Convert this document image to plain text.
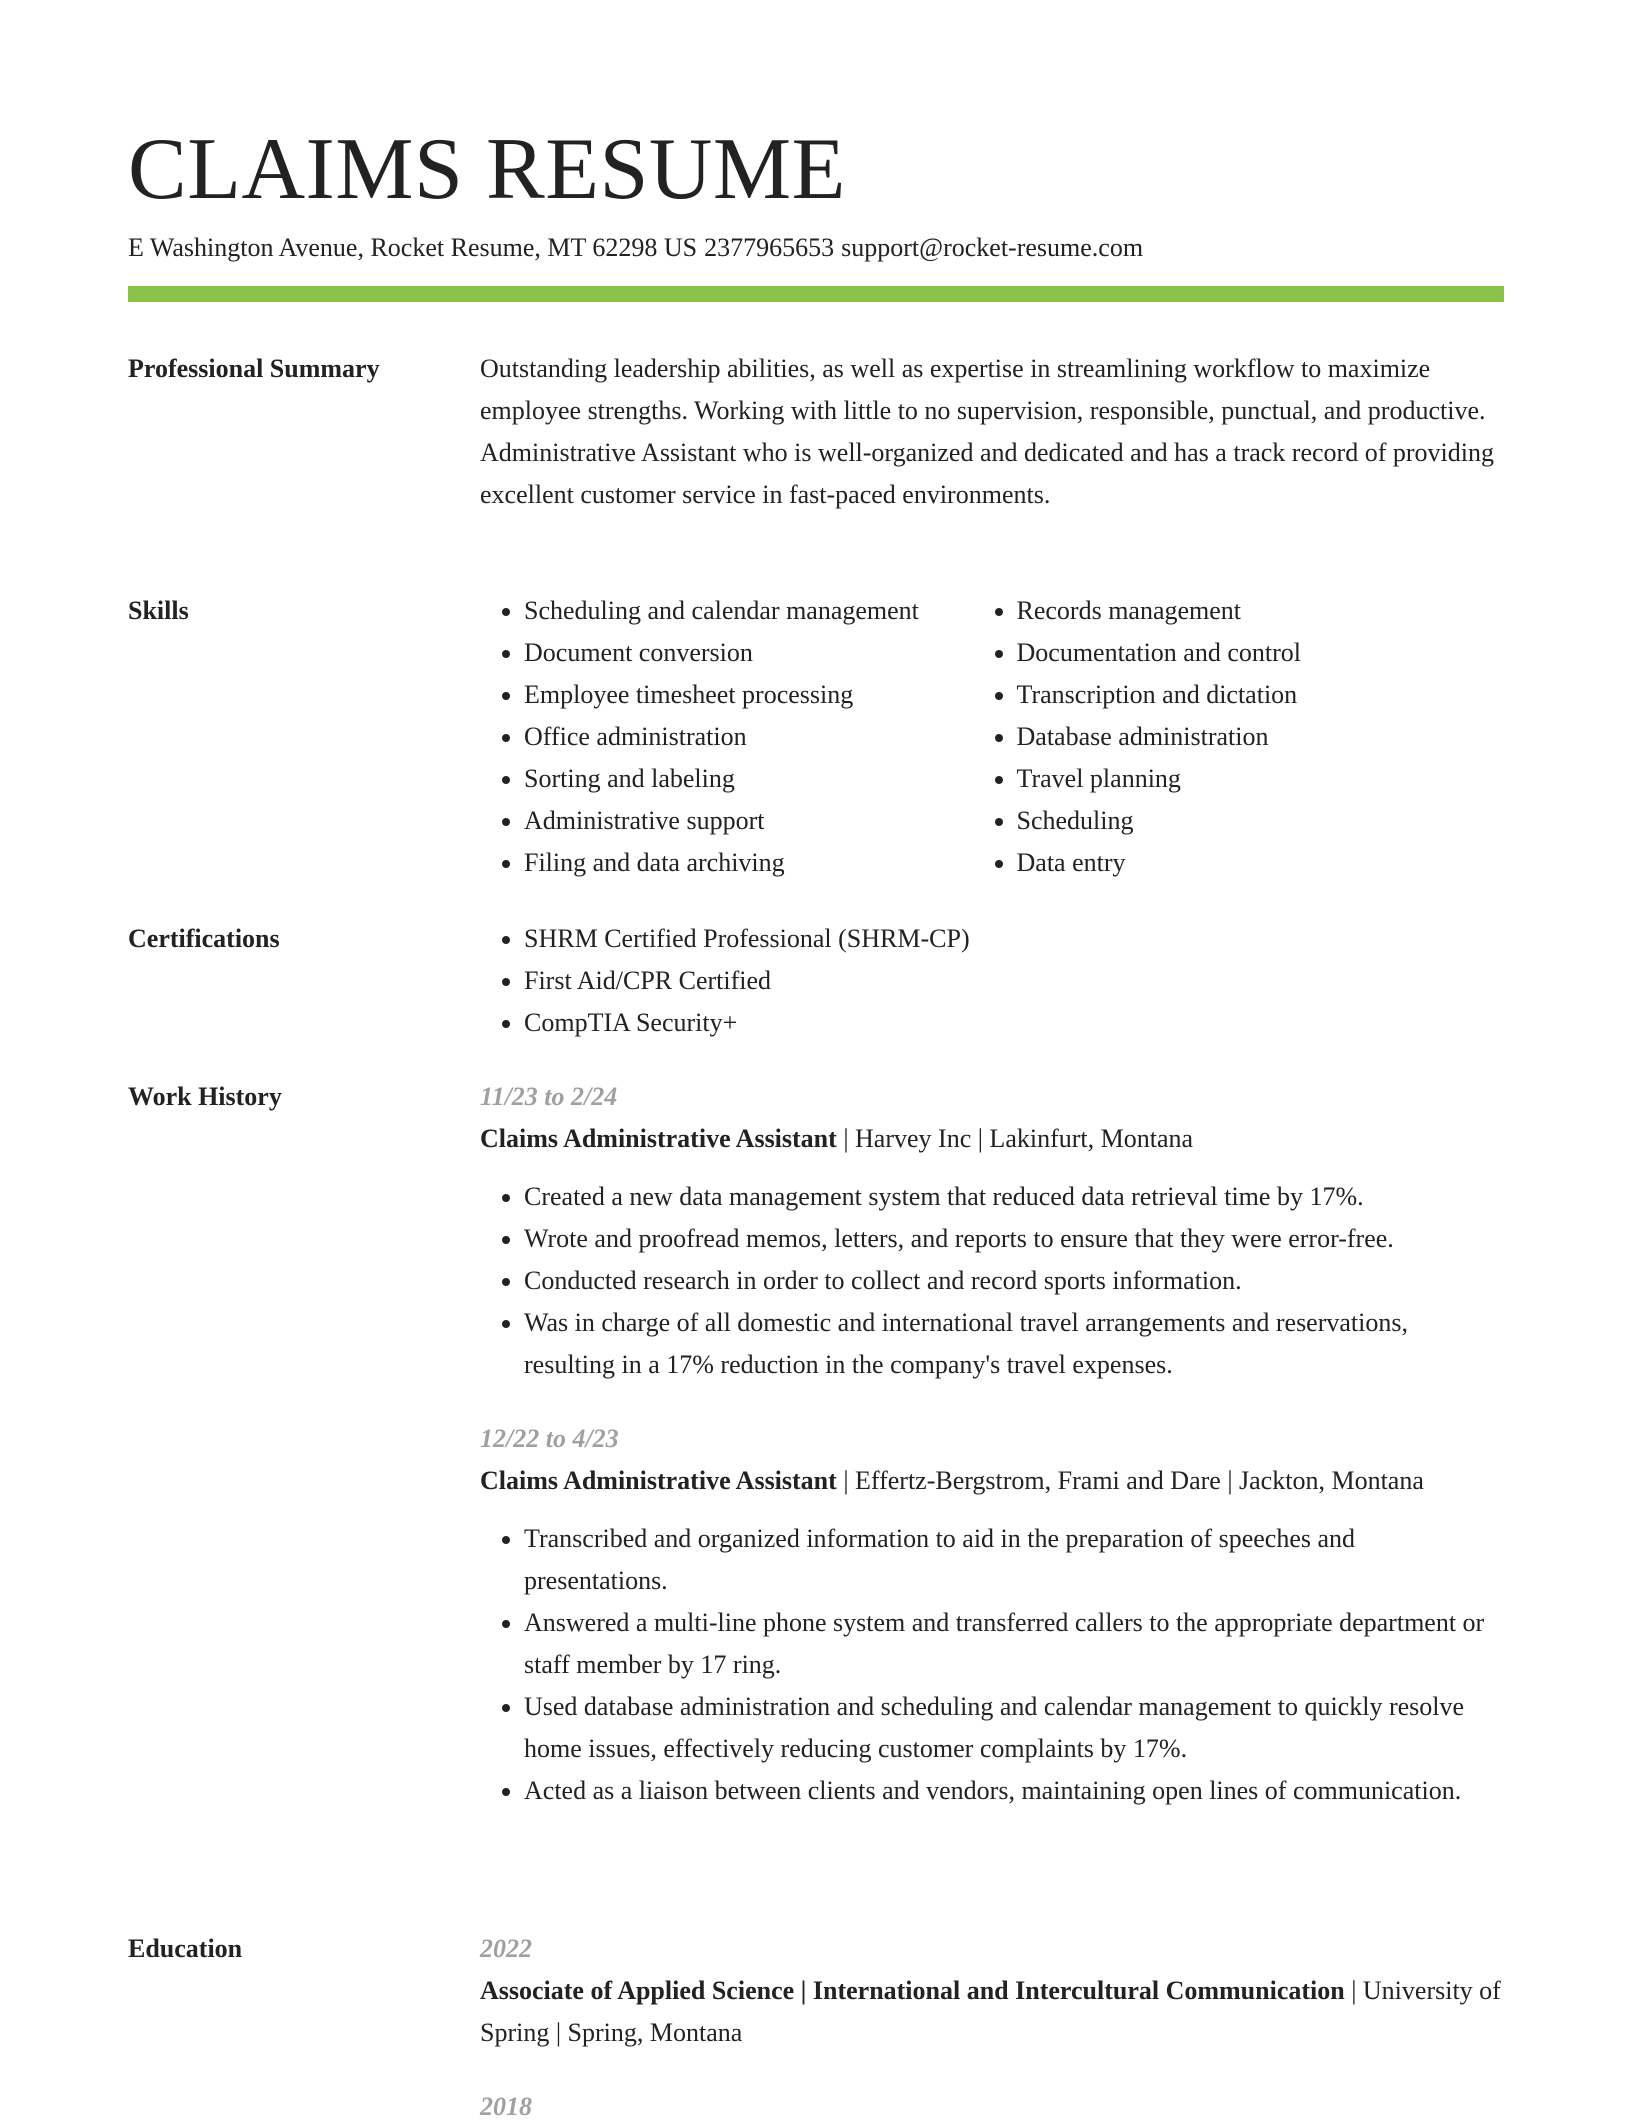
CLAIMS RESUME
E Washington Avenue, Rocket Resume, MT 62298 US 2377965653 support@rocket-resume.com
Professional Summary	Outstanding leadership abilities, as well as expertise in streamlining workflow to maximize employee strengths. Working with little to no supervision, responsible, punctual, and productive. Administrative Assistant who is well-organized and dedicated and has a track record of providing excellent customer service in fast-paced environments.

Skills	• Scheduling and calendar management
• Document conversion
• Employee timesheet processing
• Office administration
• Sorting and labeling
• Administrative support
• Filing and data archiving
• Records management
• Documentation and control
• Transcription and dictation
• Database administration
• Travel planning
• Scheduling
• Data entry
Certifications	• SHRM Certified Professional (SHRM-CP)
• First Aid/CPR Certified
• CompTIA Security+
Work History	11/23 to 2/24
Claims Administrative Assistant | Harvey Inc | Lakinfurt, Montana
• Created a new data management system that reduced data retrieval time by 17%.
• Wrote and proofread memos, letters, and reports to ensure that they were error-free.
• Conducted research in order to collect and record sports information.
• Was in charge of all domestic and international travel arrangements and reservations, resulting in a 17% reduction in the company's travel expenses.
12/22 to 4/23
Claims Administrative Assistant | Effertz-Bergstrom, Frami and Dare | Jackton, Montana
• Transcribed and organized information to aid in the preparation of speeches and presentations.
• Answered a multi-line phone system and transferred callers to the appropriate department or staff member by 17 ring.
• Used database administration and scheduling and calendar management to quickly resolve home issues, effectively reducing customer complaints by 17%.
• Acted as a liaison between clients and vendors, maintaining open lines of communication.
Education	2022
Associate of Applied Science | International and Intercultural Communication | University of Spring | Spring, Montana
2018
